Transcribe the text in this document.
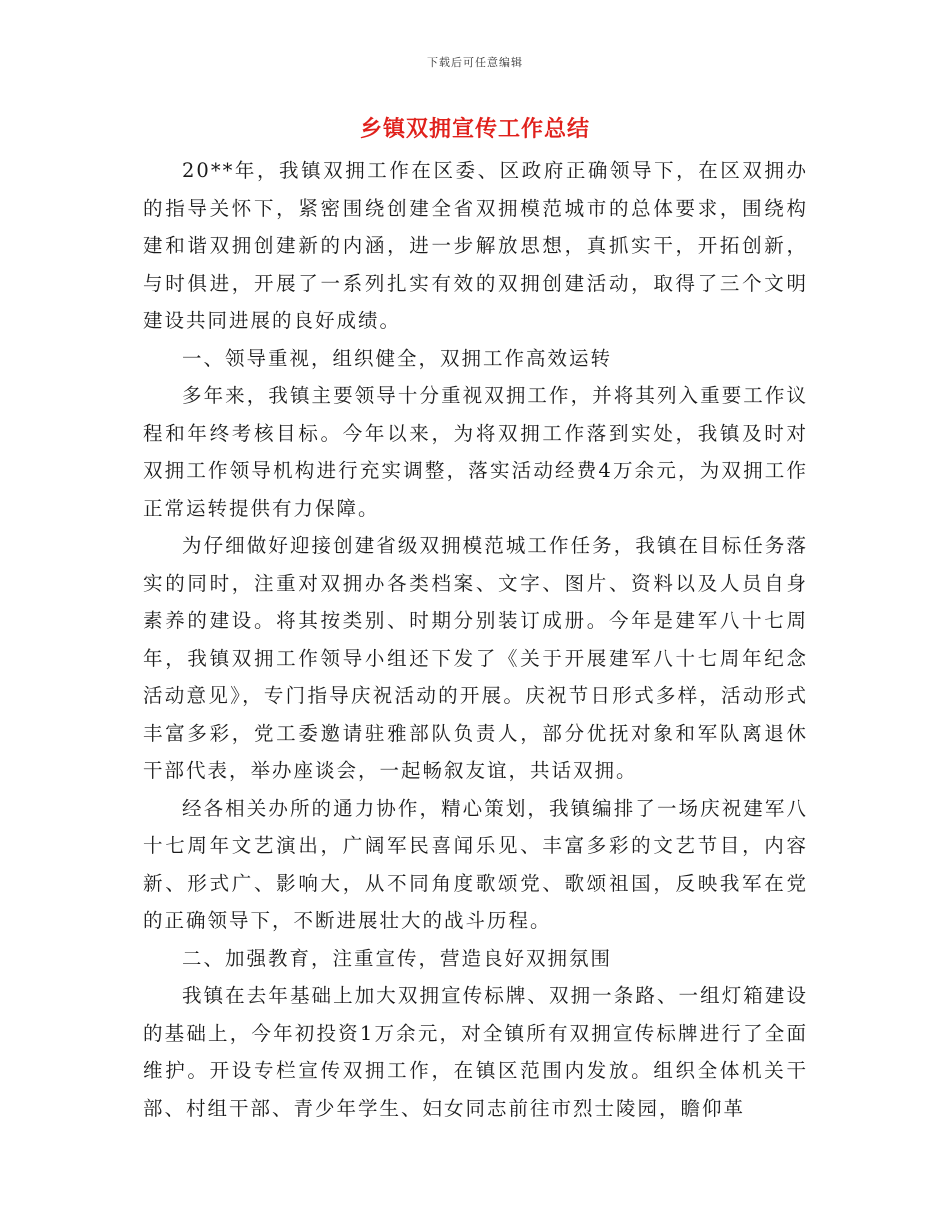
下载后可任意编辑
乡镇双拥宣传工作总结

20**年，我镇双拥工作在区委、区政府正确领导下，在区双拥办的指导关怀下，紧密围绕创建全省双拥模范城市的总体要求，围绕构建和谐双拥创建新的内涵，进一步解放思想，真抓实干，开拓创新，与时俱进，开展了一系列扎实有效的双拥创建活动，取得了三个文明建设共同进展的良好成绩。

一、领导重视，组织健全，双拥工作高效运转

多年来，我镇主要领导十分重视双拥工作，并将其列入重要工作议程和年终考核目标。今年以来，为将双拥工作落到实处，我镇及时对双拥工作领导机构进行充实调整，落实活动经费4万余元，为双拥工作正常运转提供有力保障。

为仔细做好迎接创建省级双拥模范城工作任务，我镇在目标任务落实的同时，注重对双拥办各类档案、文字、图片、资料以及人员自身素养的建设。将其按类别、时期分别装订成册。今年是建军八十七周年，我镇双拥工作领导小组还下发了《关于开展建军八十七周年纪念活动意见》，专门指导庆祝活动的开展。庆祝节日形式多样，活动形式丰富多彩，党工委邀请驻雅部队负责人，部分优抚对象和军队离退休干部代表，举办座谈会，一起畅叙友谊，共话双拥。

经各相关办所的通力协作，精心策划，我镇编排了一场庆祝建军八十七周年文艺演出，广阔军民喜闻乐见、丰富多彩的文艺节目，内容新、形式广、影响大，从不同角度歌颂党、歌颂祖国，反映我军在党的正确领导下，不断进展壮大的战斗历程。

二、加强教育，注重宣传，营造良好双拥氛围

我镇在去年基础上加大双拥宣传标牌、双拥一条路、一组灯箱建设的基础上，今年初投资1万余元，对全镇所有双拥宣传标牌进行了全面维护。开设专栏宣传双拥工作，在镇区范围内发放。组织全体机关干部、村组干部、青少年学生、妇女同志前往市烈士陵园，瞻仰革
